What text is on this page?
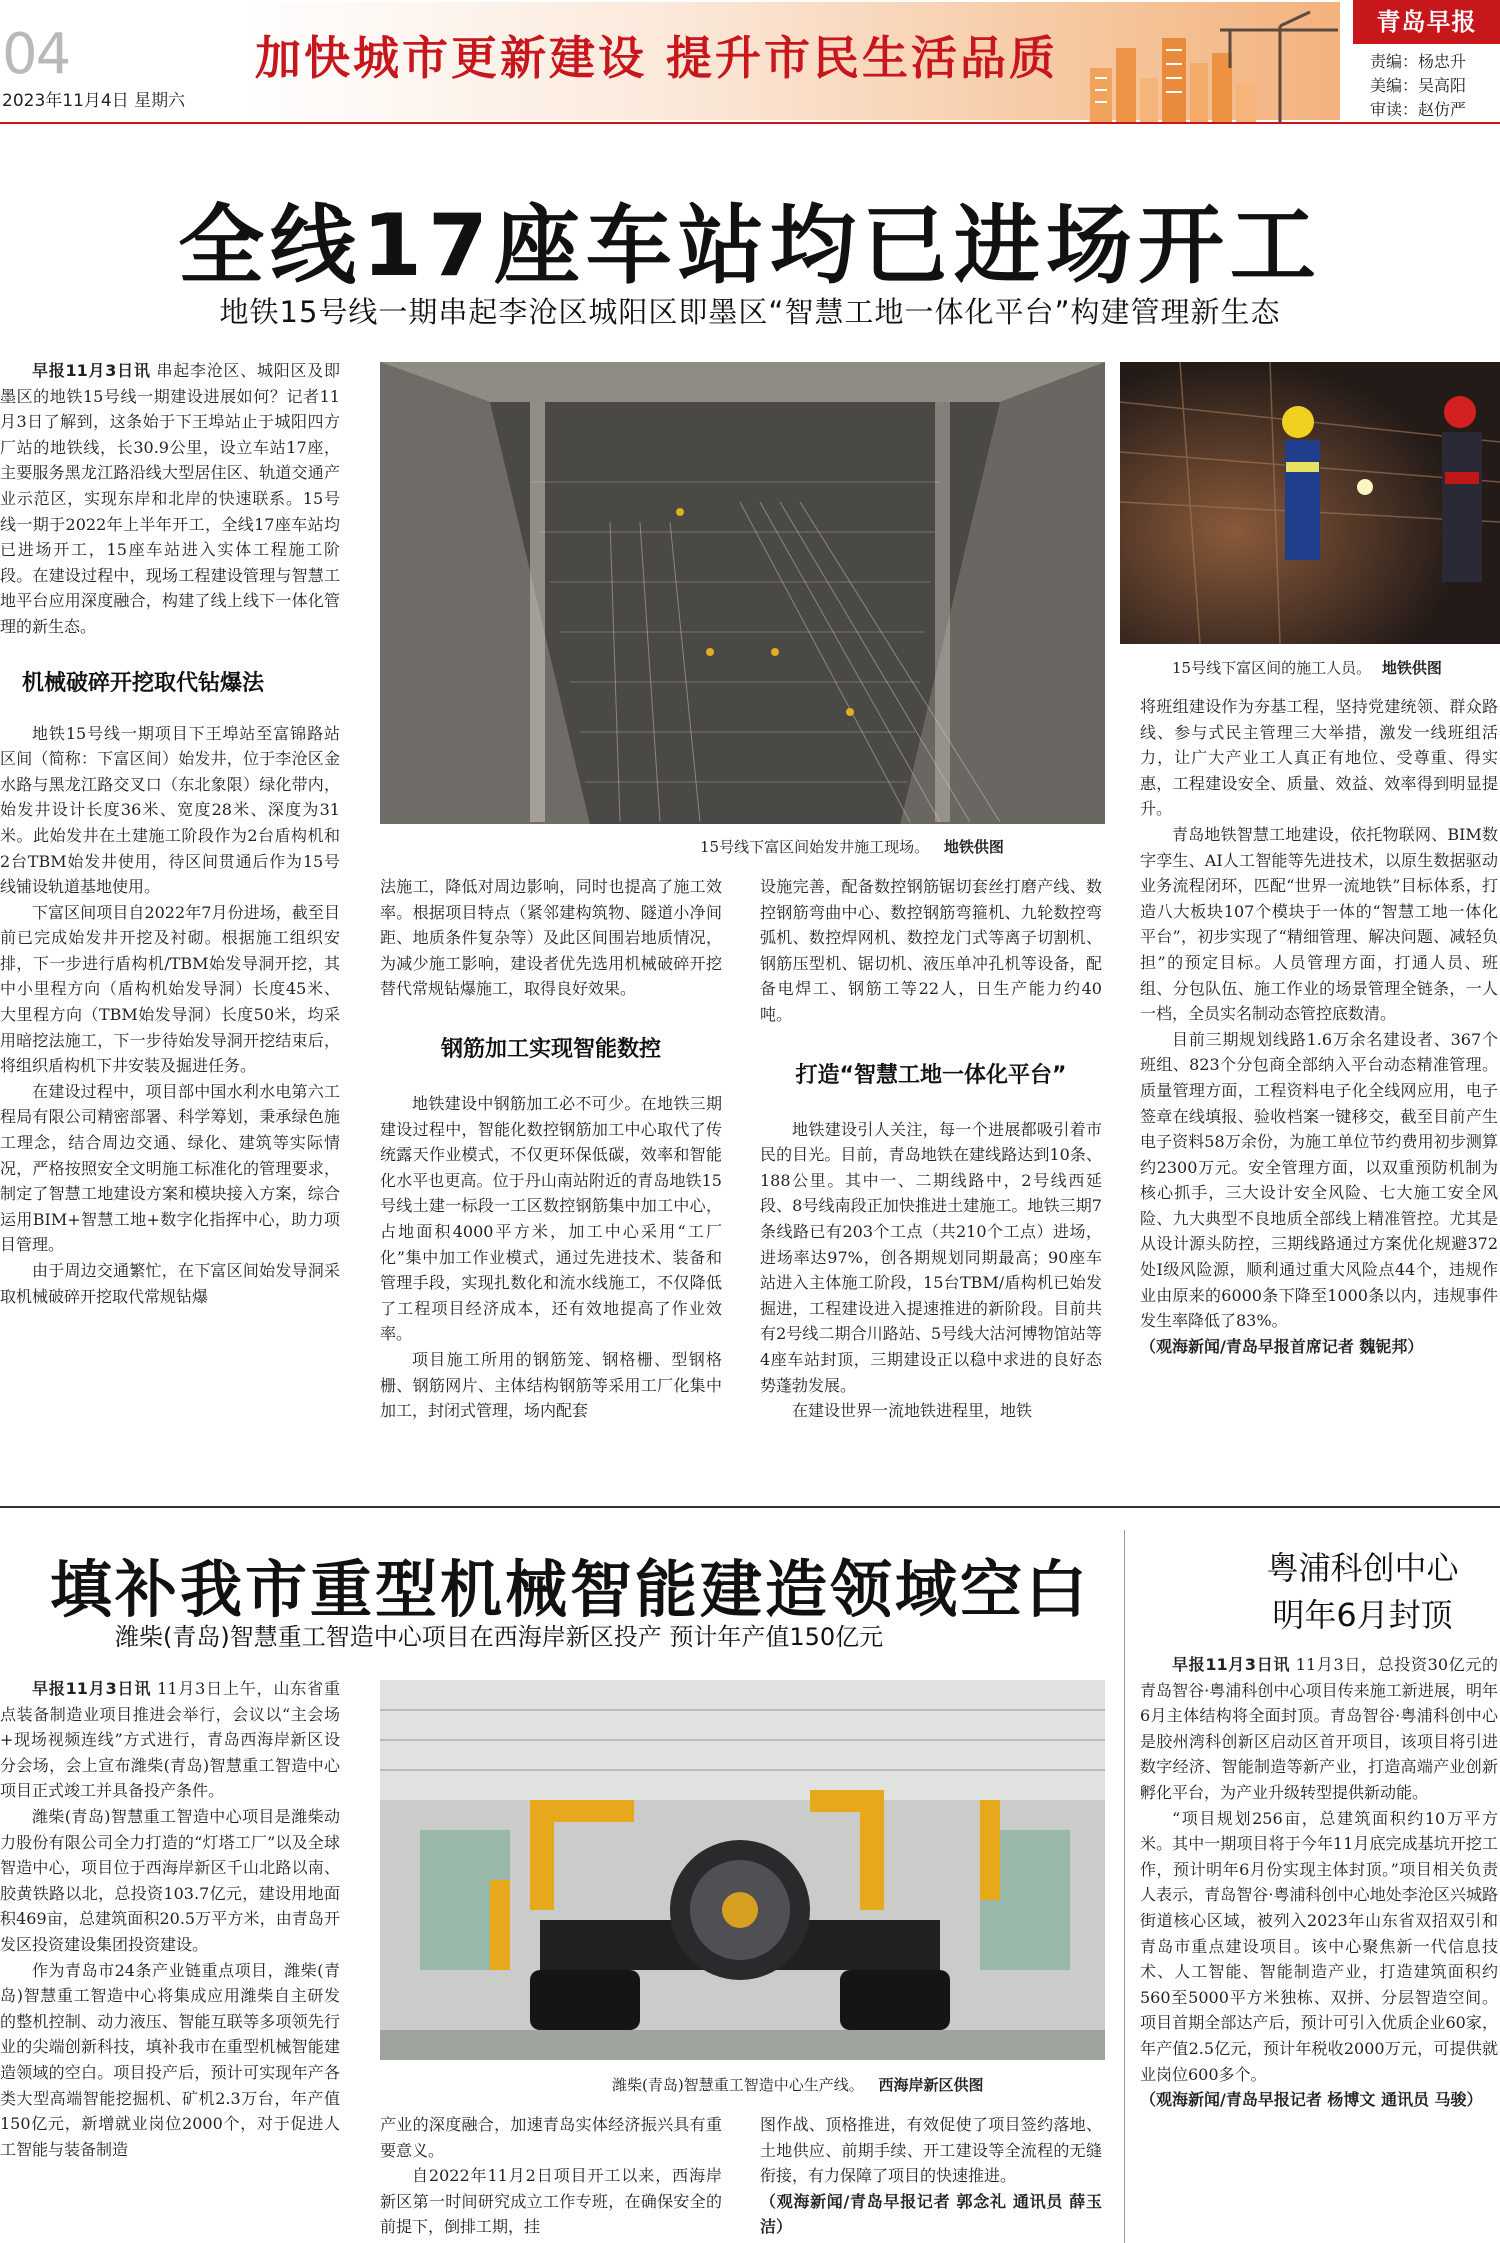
04
2023年11月4日 星期六
加快城市更新建设 提升市民生活品质
青岛早报
责编：杨忠升
美编：吴高阳
审读：赵仿严
全线17座车站均已进场开工
地铁15号线一期串起李沧区城阳区即墨区“智慧工地一体化平台”构建管理新生态

早报11月3日讯 串起李沧区、城阳区及即墨区的地铁15号线一期建设进展如何？记者11月3日了解到，这条始于下王埠站止于城阳四方厂站的地铁线，长30.9公里，设立车站17座，主要服务黑龙江路沿线大型居住区、轨道交通产业示范区，实现东岸和北岸的快速联系。15号线一期于2022年上半年开工，全线17座车站均已进场开工，15座车站进入实体工程施工阶段。在建设过程中，现场工程建设管理与智慧工地平台应用深度融合，构建了线上线下一体化管理的新生态。

机械破碎开挖取代钻爆法

地铁15号线一期项目下王埠站至富锦路站区间（简称：下富区间）始发井，位于李沧区金水路与黑龙江路交叉口（东北象限）绿化带内，始发井设计长度36米、宽度28米、深度为31米。此始发井在土建施工阶段作为2台盾构机和2台TBM始发井使用，待区间贯通后作为15号线铺设轨道基地使用。

下富区间项目自2022年7月份进场，截至目前已完成始发井开挖及衬砌。根据施工组织安排，下一步进行盾构机/TBM始发导洞开挖，其中小里程方向（盾构机始发导洞）长度45米、大里程方向（TBM始发导洞）长度50米，均采用暗挖法施工，下一步待始发导洞开挖结束后，将组织盾构机下井安装及掘进任务。

在建设过程中，项目部中国水利水电第六工程局有限公司精密部署、科学筹划，秉承绿色施工理念，结合周边交通、绿化、建筑等实际情况，严格按照安全文明施工标准化的管理要求，制定了智慧工地建设方案和模块接入方案，综合运用BIM+智慧工地+数字化指挥中心，助力项目管理。

由于周边交通繁忙，在下富区间始发导洞采取机械破碎开挖取代常规钻爆

15号线下富区间始发井施工现场。 地铁供图
15号线下富区间的施工人员。 地铁供图

法施工，降低对周边影响，同时也提高了施工效率。根据项目特点（紧邻建构筑物、隧道小净间距、地质条件复杂等）及此区间围岩地质情况，为减少施工影响，建设者优先选用机械破碎开挖替代常规钻爆施工，取得良好效果。

钢筋加工实现智能数控

地铁建设中钢筋加工必不可少。在地铁三期建设过程中，智能化数控钢筋加工中心取代了传统露天作业模式，不仅更环保低碳，效率和智能化水平也更高。位于丹山南站附近的青岛地铁15号线土建一标段一工区数控钢筋集中加工中心，占地面积4000平方米，加工中心采用“工厂化”集中加工作业模式，通过先进技术、装备和管理手段，实现扎数化和流水线施工，不仅降低了工程项目经济成本，还有效地提高了作业效率。

项目施工所用的钢筋笼、钢格栅、型钢格栅、钢筋网片、主体结构钢筋等采用工厂化集中加工，封闭式管理，场内配套

设施完善，配备数控钢筋锯切套丝打磨产线、数控钢筋弯曲中心、数控钢筋弯箍机、九轮数控弯弧机、数控焊网机、数控龙门式等离子切割机、钢筋压型机、锯切机、液压单冲孔机等设备，配备电焊工、钢筋工等22人，日生产能力约40吨。

打造“智慧工地一体化平台”

地铁建设引人关注，每一个进展都吸引着市民的目光。目前，青岛地铁在建线路达到10条、188公里。其中一、二期线路中，2号线西延段、8号线南段正加快推进土建施工。地铁三期7条线路已有203个工点（共210个工点）进场，进场率达97%，创各期规划同期最高；90座车站进入主体施工阶段，15台TBM/盾构机已始发掘进，工程建设进入提速推进的新阶段。目前共有2号线二期合川路站、5号线大沽河博物馆站等4座车站封顶，三期建设正以稳中求进的良好态势蓬勃发展。

在建设世界一流地铁进程里，地铁

将班组建设作为夯基工程，坚持党建统领、群众路线、参与式民主管理三大举措，激发一线班组活力，让广大产业工人真正有地位、受尊重、得实惠，工程建设安全、质量、效益、效率得到明显提升。

青岛地铁智慧工地建设，依托物联网、BIM数字孪生、AI人工智能等先进技术，以原生数据驱动业务流程闭环，匹配“世界一流地铁”目标体系，打造八大板块107个模块于一体的“智慧工地一体化平台”，初步实现了“精细管理、解决问题、减轻负担”的预定目标。人员管理方面，打通人员、班组、分包队伍、施工作业的场景管理全链条，一人一档，全员实名制动态管控底数清。

目前三期规划线路1.6万余名建设者、367个班组、823个分包商全部纳入平台动态精准管理。质量管理方面，工程资料电子化全线网应用，电子签章在线填报、验收档案一键移交，截至目前产生电子资料58万余份，为施工单位节约费用初步测算约2300万元。安全管理方面，以双重预防机制为核心抓手，三大设计安全风险、七大施工安全风险、九大典型不良地质全部线上精准管控。尤其是从设计源头防控，三期线路通过方案优化规避372处Ⅰ级风险源，顺利通过重大风险点44个，违规作业由原来的6000条下降至1000条以内，违规事件发生率降低了83%。

（观海新闻/青岛早报首席记者 魏铌邦）

填补我市重型机械智能建造领域空白
潍柴(青岛)智慧重工智造中心项目在西海岸新区投产 预计年产值150亿元

早报11月3日讯 11月3日上午，山东省重点装备制造业项目推进会举行，会议以“主会场+现场视频连线”方式进行，青岛西海岸新区设分会场，会上宣布潍柴(青岛)智慧重工智造中心项目正式竣工并具备投产条件。

潍柴(青岛)智慧重工智造中心项目是潍柴动力股份有限公司全力打造的“灯塔工厂”以及全球智造中心，项目位于西海岸新区千山北路以南、胶黄铁路以北，总投资103.7亿元，建设用地面积469亩，总建筑面积20.5万平方米，由青岛开发区投资建设集团投资建设。

作为青岛市24条产业链重点项目，潍柴(青岛)智慧重工智造中心将集成应用潍柴自主研发的整机控制、动力液压、智能互联等多项领先行业的尖端创新科技，填补我市在重型机械智能建造领域的空白。项目投产后，预计可实现年产各类大型高端智能挖掘机、矿机2.3万台，年产值150亿元，新增就业岗位2000个，对于促进人工智能与装备制造

潍柴(青岛)智慧重工智造中心生产线。 西海岸新区供图

产业的深度融合，加速青岛实体经济振兴具有重要意义。

自2022年11月2日项目开工以来，西海岸新区第一时间研究成立工作专班，在确保安全的前提下，倒排工期，挂

图作战、顶格推进，有效促使了项目签约落地、土地供应、前期手续、开工建设等全流程的无缝衔接，有力保障了项目的快速推进。

（观海新闻/青岛早报记者 郭念礼 通讯员 薛玉洁）

粤浦科创中心
明年6月封顶

早报11月3日讯 11月3日，总投资30亿元的青岛智谷·粤浦科创中心项目传来施工新进展，明年6月主体结构将全面封顶。青岛智谷·粤浦科创中心是胶州湾科创新区启动区首开项目，该项目将引进数字经济、智能制造等新产业，打造高端产业创新孵化平台，为产业升级转型提供新动能。

“项目规划256亩，总建筑面积约10万平方米。其中一期项目将于今年11月底完成基坑开挖工作，预计明年6月份实现主体封顶。”项目相关负责人表示，青岛智谷·粤浦科创中心地处李沧区兴城路街道核心区域，被列入2023年山东省双招双引和青岛市重点建设项目。该中心聚焦新一代信息技术、人工智能、智能制造产业，打造建筑面积约560至5000平方米独栋、双拼、分层智造空间。项目首期全部达产后，预计可引入优质企业60家，年产值2.5亿元，预计年税收2000万元，可提供就业岗位600多个。

（观海新闻/青岛早报记者 杨博文 通讯员 马骏）
